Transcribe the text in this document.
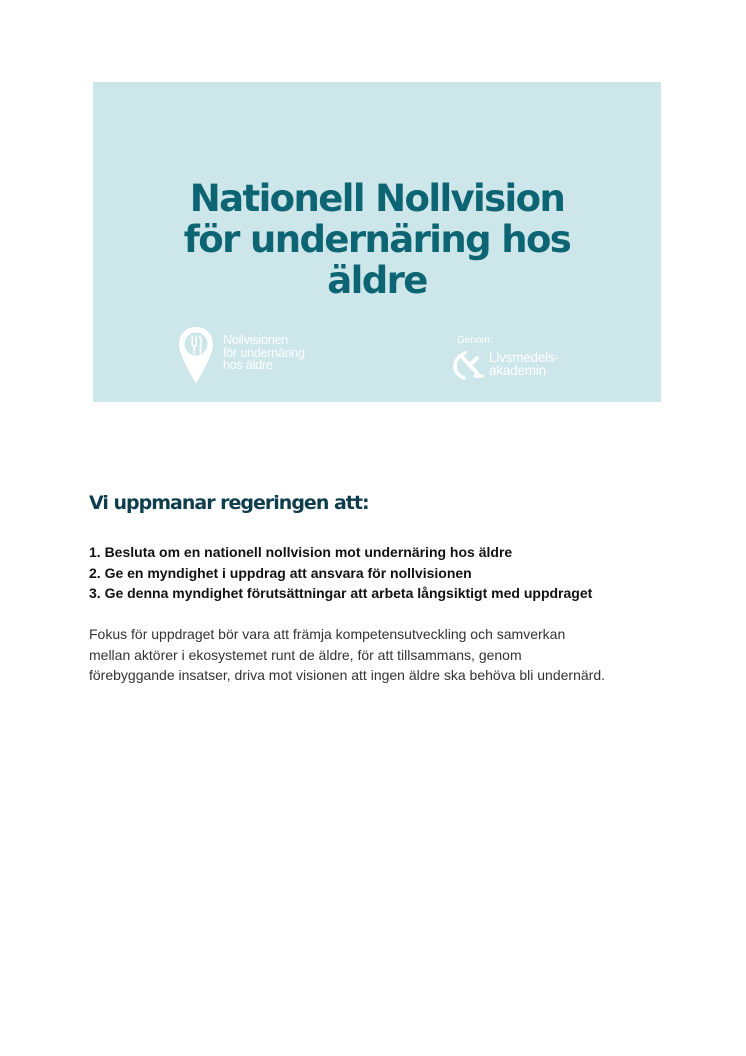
Nationell Nollvision
för undernäring hos
äldre
Nollvisionen
för undernäring
hos äldre
Genom:
Livsmedels-
akademin
Vi uppmanar regeringen att:
1. Besluta om en nationell nollvision mot undernäring hos äldre
2. Ge en myndighet i uppdrag att ansvara för nollvisionen
3. Ge denna myndighet förutsättningar att arbeta långsiktigt med uppdraget
Fokus för uppdraget bör vara att främja kompetensutveckling och samverkan
mellan aktörer i ekosystemet runt de äldre, för att tillsammans, genom
förebyggande insatser, driva mot visionen att ingen äldre ska behöva bli undernärd.
